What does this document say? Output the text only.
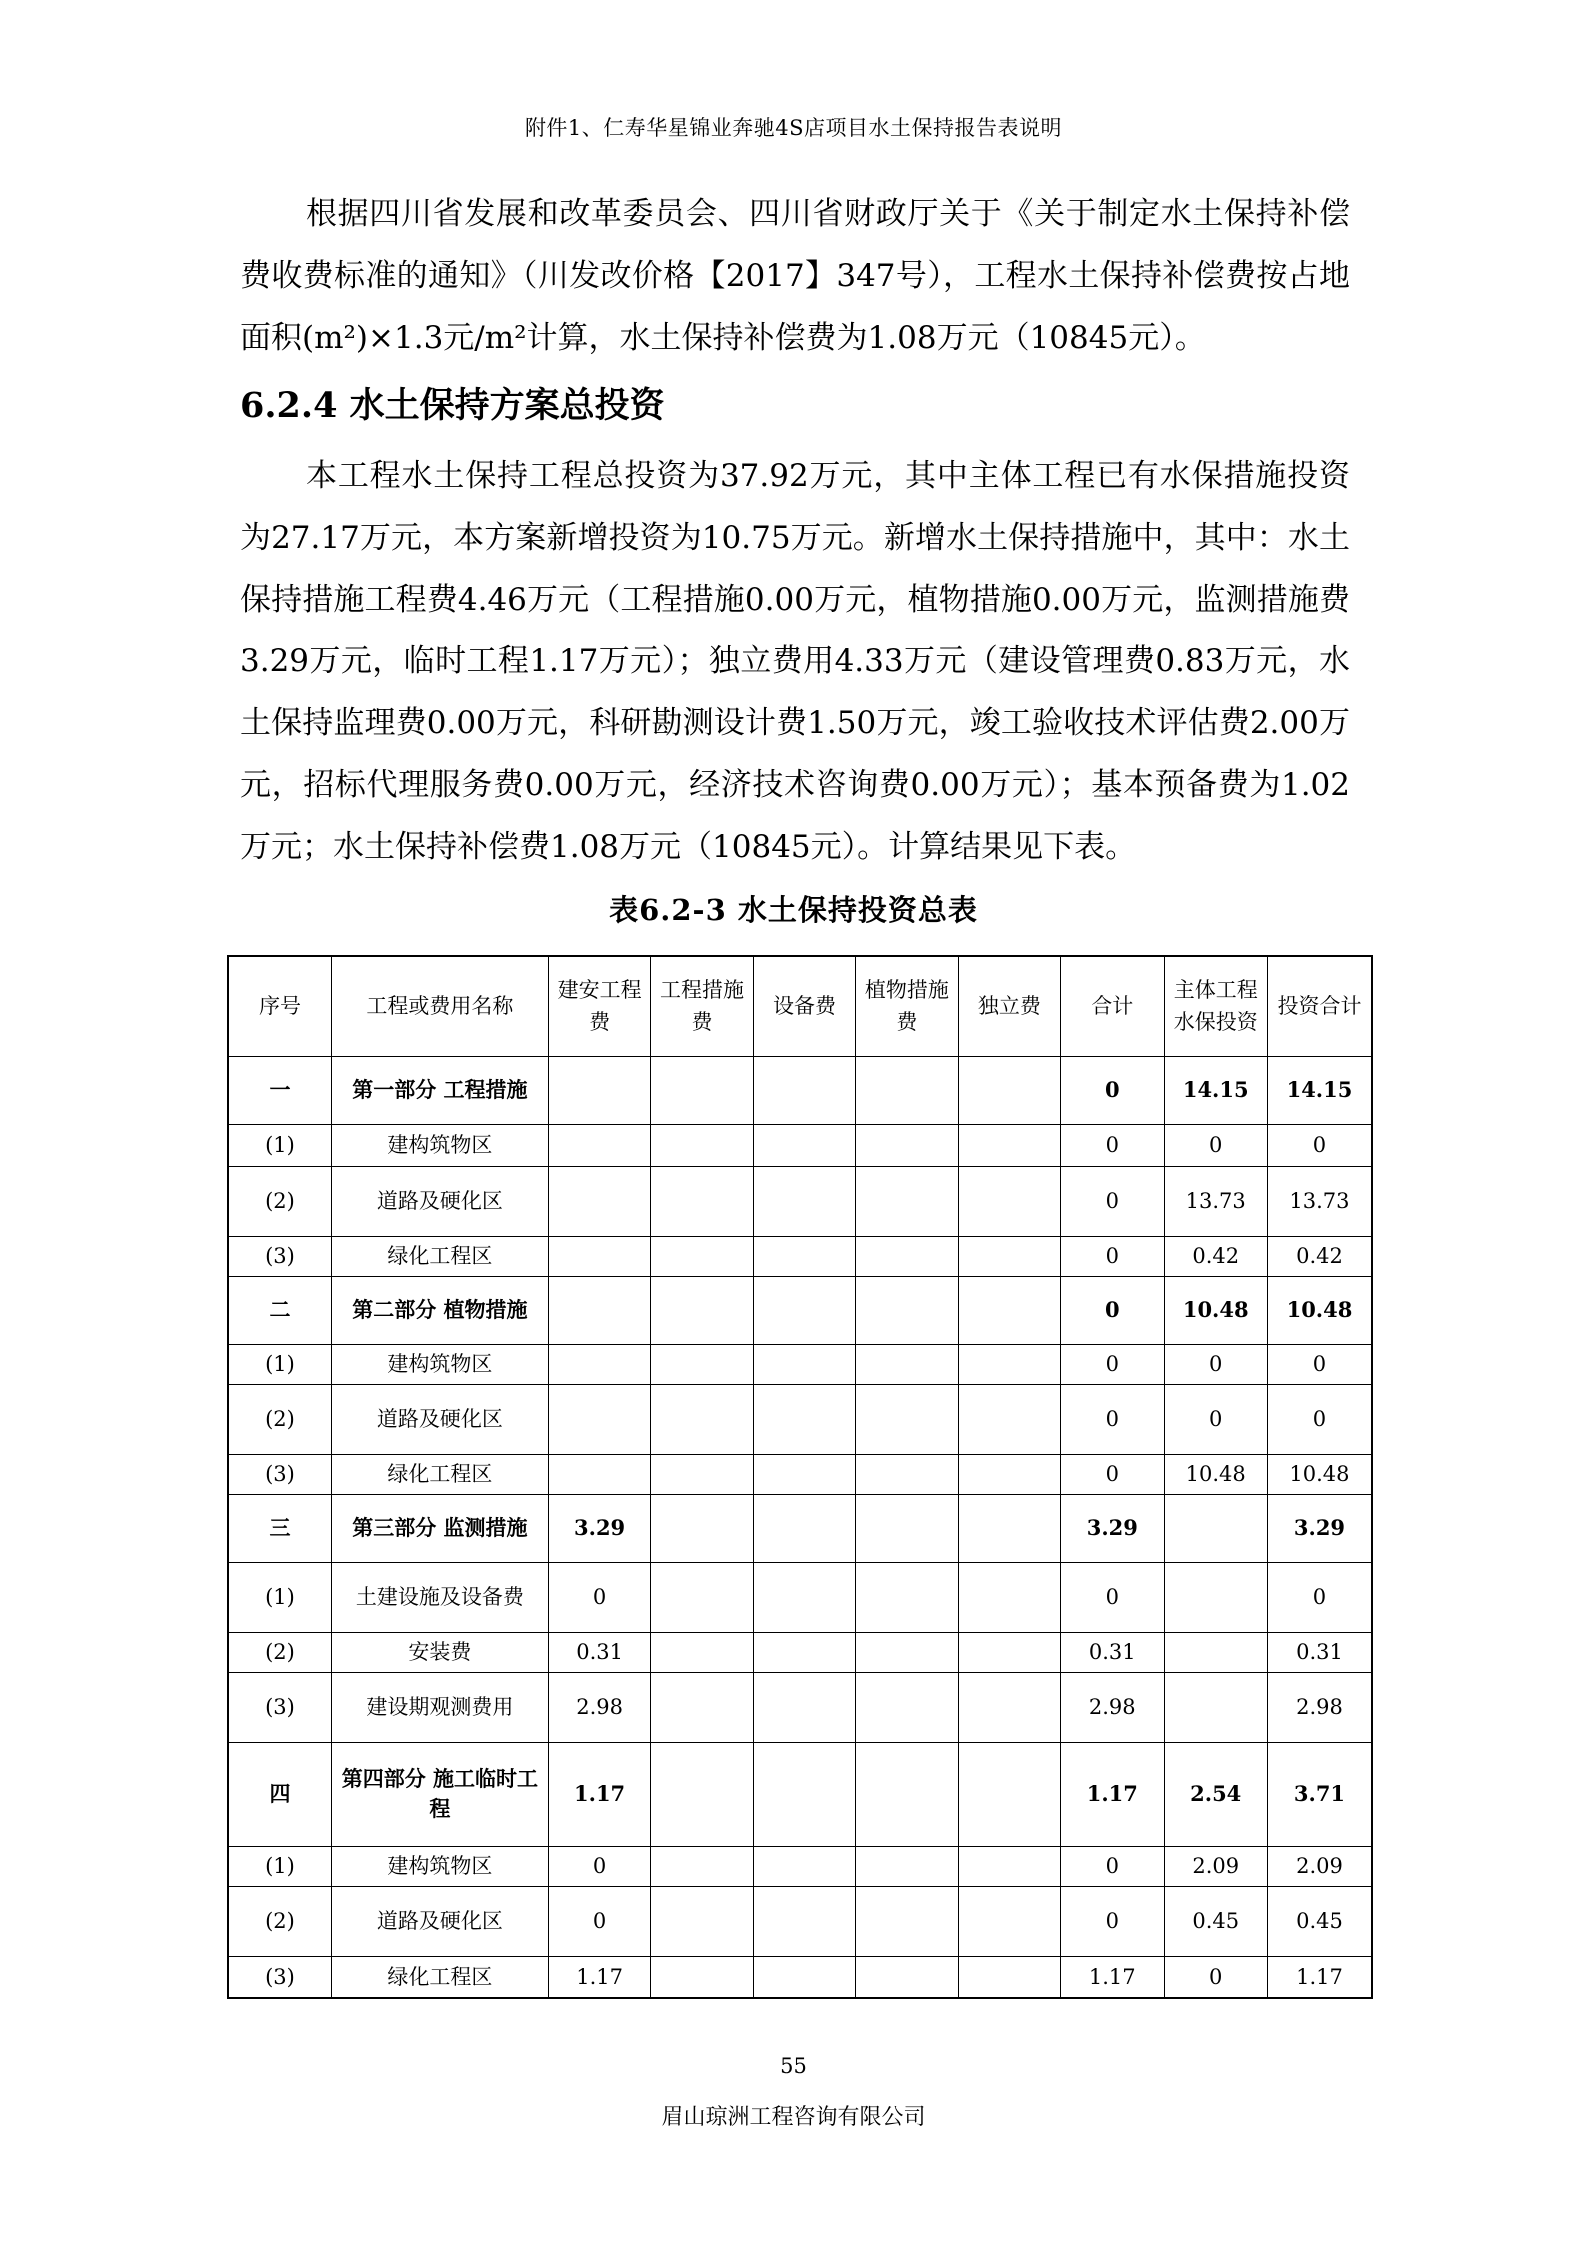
附件1、仁寿华星锦业奔驰4S店项目水土保持报告表说明

根据四川省发展和改革委员会、四川省财政厅关于《关于制定水土保持补偿费收费标准的通知》（川发改价格【2017】347号），工程水土保持补偿费按占地面积(m²)×1.3元/m²计算，水土保持补偿费为1.08万元（10845元）。

6.2.4 水土保持方案总投资

本工程水土保持工程总投资为37.92万元，其中主体工程已有水保措施投资为27.17万元，本方案新增投资为10.75万元。新增水土保持措施中，其中：水土保持措施工程费4.46万元（工程措施0.00万元，植物措施0.00万元，监测措施费3.29万元，临时工程1.17万元）；独立费用4.33万元（建设管理费0.83万元，水土保持监理费0.00万元，科研勘测设计费1.50万元，竣工验收技术评估费2.00万元，招标代理服务费0.00万元，经济技术咨询费0.00万元）；基本预备费为1.02万元；水土保持补偿费1.08万元（10845元）。计算结果见下表。

表6.2-3 水土保持投资总表
序号	工程或费用名称	建安工程费	工程措施费	设备费	植物措施费	独立费	合计	主体工程水保投资	投资合计
一	第一部分 工程措施						0	14.15	14.15
(1)	建构筑物区						0	0	0
(2)	道路及硬化区						0	13.73	13.73
(3)	绿化工程区						0	0.42	0.42
二	第二部分 植物措施						0	10.48	10.48
(1)	建构筑物区						0	0	0
(2)	道路及硬化区						0	0	0
(3)	绿化工程区						0	10.48	10.48
三	第三部分 监测措施	3.29					3.29		3.29
(1)	土建设施及设备费	0					0		0
(2)	安装费	0.31					0.31		0.31
(3)	建设期观测费用	2.98					2.98		2.98
四	第四部分 施工临时工程	1.17					1.17	2.54	3.71
(1)	建构筑物区	0					0	2.09	2.09
(2)	道路及硬化区	0					0	0.45	0.45
(3)	绿化工程区	1.17					1.17	0	1.17
55
眉山琼洲工程咨询有限公司
